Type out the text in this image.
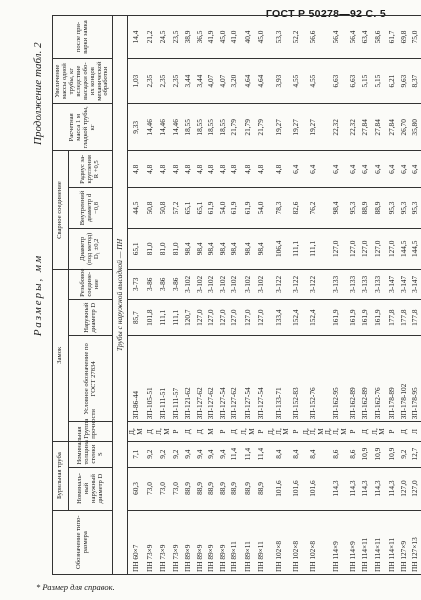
ГОСТ Р 50278—92 С. 5
Размеры, мм
Продолжение табл. 2
Обозначение типоразмера	Бурильная труба		Замок				Сварное соединение			Расчетная масса 1 м гладкой трубы, кг	Увеличение массы одной трубы, кг вследствие высадки обоих концов механической обработки	после приварки замка
	Номинальный наружный диаметр D	Номинальная толщина стенки S	Группа прочности	Условное обозначение по ГОСТ 27834	Наружный диаметр D	Резьбовое соединение	Диаметр (под метод) D₁ ±0,2	Внутренний диаметр d −0,8	Радиус закругления R +0,5			
Трубы с наружной высадкой — ПН												
ПН 60×7	60,3	7,1	Д, М	ЗП-86-44	85,7	3-73	65,1	44,5	4,8	9,33	1,03	14,4
ПН 73×9	73,0	9,2	Д	ЗП-105-51	101,8	3-86	81,0	50,8	4,8	14,46	2,35	21,2
ПН 73×9	73,0	9,2	Л, М	ЗП-111-51	111,1	3-86	81,0	50,8	4,8	14,46	2,35	24,5
ПН 73×9	73,0	9,2	Р	ЗП-111-57	111,1	3-86	81,0	57,2	4,8	14,46	2,35	23,5
ПН 89×9	88,9	9,4	Д	ЗП-121-62	120,7	3-102	98,4	65,1	4,8	18,55	3,44	38,9
ПН 89×9	88,9	9,4	Д	ЗП-127-62	127,0	3-102	98,4	65,1	4,8	18,55	3,44	36,5
ПН 89×9	88,9	9,4	М	ЗП-127-62	127,0	3-102	98,4	61,9	4,8	18,55	4,07	41,9
ПН 89×9	88,9	9,4	Р	ЗП-127-54	127,0	3-102	98,4	54,0	4,8	18,55	4,07	45,0
ПН 89×11	88,9	11,4	Д	ЗП-127-62	127,0	3-102	98,4	61,9	4,8	21,79	3,20	41,0
ПН 89×11	88,9	11,4	Л, М	ЗП-127-54	127,0	3-102	98,4	61,9	4,8	21,79	4,64	40,4
ПН 89×11	88,9	11,4	Р	ЗП-127-54	127,0	3-102	98,4	54,0	4,8	21,79	4,64	45,0
ПН 102×8	101,6	8,4	Д, Л, М	ЗП-133-71	133,4	3-122	106,4	78,3	4,8	19,27	3,93	53,3
ПН 102×8	101,6	8,4	Р	ЗП-152-83	152,4	3-122	111,1	82,6	6,4	19,27	4,55	52,2
ПН 102×8	101,6	8,4	Д, Л, М	ЗП-152-76	152,4	3-122	111,1	76,2	6,4	19,27	4,55	56,6
ПН 114×9	114,3	8,6	Д, Л, М	ЗП-162-95	161,9	3-133	127,0	98,4	6,4	22,32	6,63	56,4
ПН 114×9	114,3	8,6	Р	ЗП-162-89	161,9	3-133	127,0	95,3	6,4	22,32	6,63	56,4
ПН 114×11	114,3	10,9	Д	ЗП-162-89	161,9	3-133	127,0	88,9	6,4	27,84	5,15	63,4
ПН 114×11	114,3	10,9	Л, М	ЗП-162-76	161,9	3-133	127,0	88,9	6,4	27,84	5,15	58,6
ПН 114×11	114,3	10,9	Р	ЗП-178-89	177,8	3-147	127,0	95,3	6,4	27,84	6,21	61,7
ПН 127×9	127,0	9,2	Д	ЗП-178-102	177,8	3-147	144,5	95,3	6,4	26,70	9,63	69,8
ПН 127×13	127,0	12,7	Л	ЗП-178-95	177,8	3-147	144,5	95,3	6,4	35,80	8,37	75,0
* Размер для справок.
